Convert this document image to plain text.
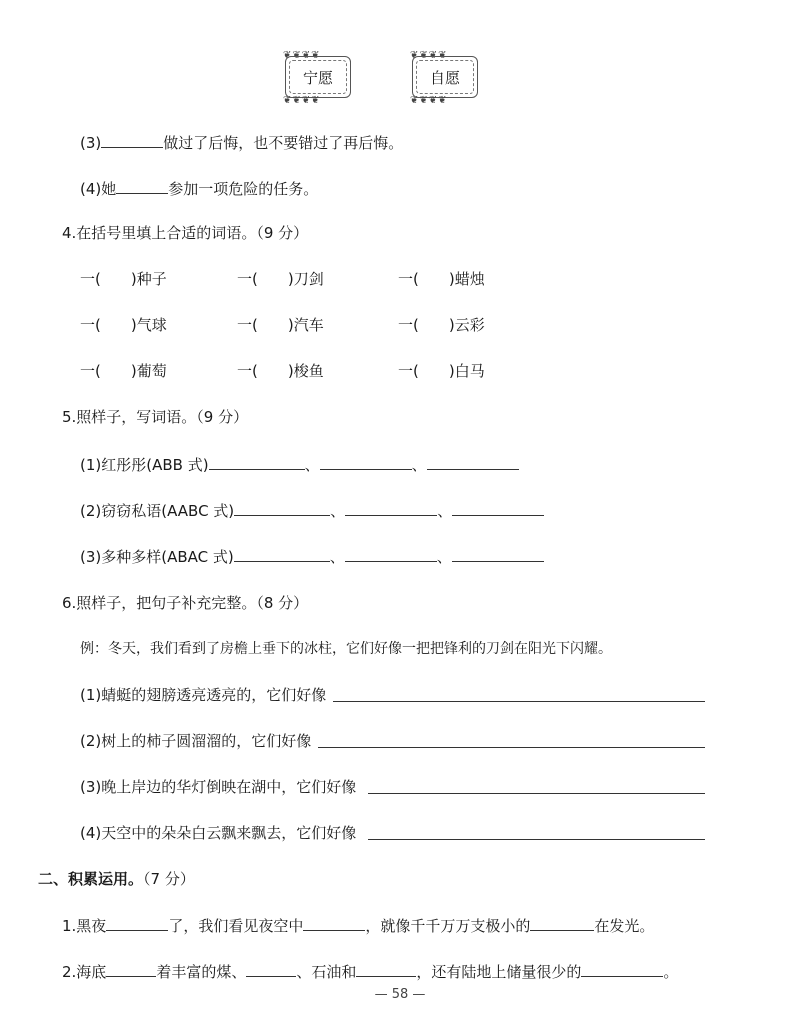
❦❦❦❦
宁愿
❦❦❦❦
❦❦❦❦
自愿
❦❦❦❦
(3)	做过了后悔，也不要错过了再后悔。
(4)她	参加一项危险的任务。
4.在括号里填上合适的词语。（9 分）
一(　　)种子	一(　　)刀剑	一(　　)蜡烛
一(　　)气球	一(　　)汽车	一(　　)云彩
一(　　)葡萄	一(　　)梭鱼	一(　　)白马
5.照样子，写词语。（9 分）
(1)红彤彤(ABB 式)	、	、
(2)窃窃私语(AABC 式)	、	、
(3)多种多样(ABAC 式)	、	、
6.照样子，把句子补充完整。（8 分）
例：冬天，我们看到了房檐上垂下的冰柱，它们好像一把把锋利的刀剑在阳光下闪耀。
(1)蜻蜓的翅膀透亮透亮的，它们好像
(2)树上的柿子圆溜溜的，它们好像
(3)晚上岸边的华灯倒映在湖中，它们好像
(4)天空中的朵朵白云飘来飘去，它们好像
二、积累运用。（7 分）
1.黑夜	了，我们看见夜空中	，就像千千万万支极小的	在发光。
2.海底	着丰富的煤、	、石油和	，还有陆地上储量很少的	。
— 58 —
